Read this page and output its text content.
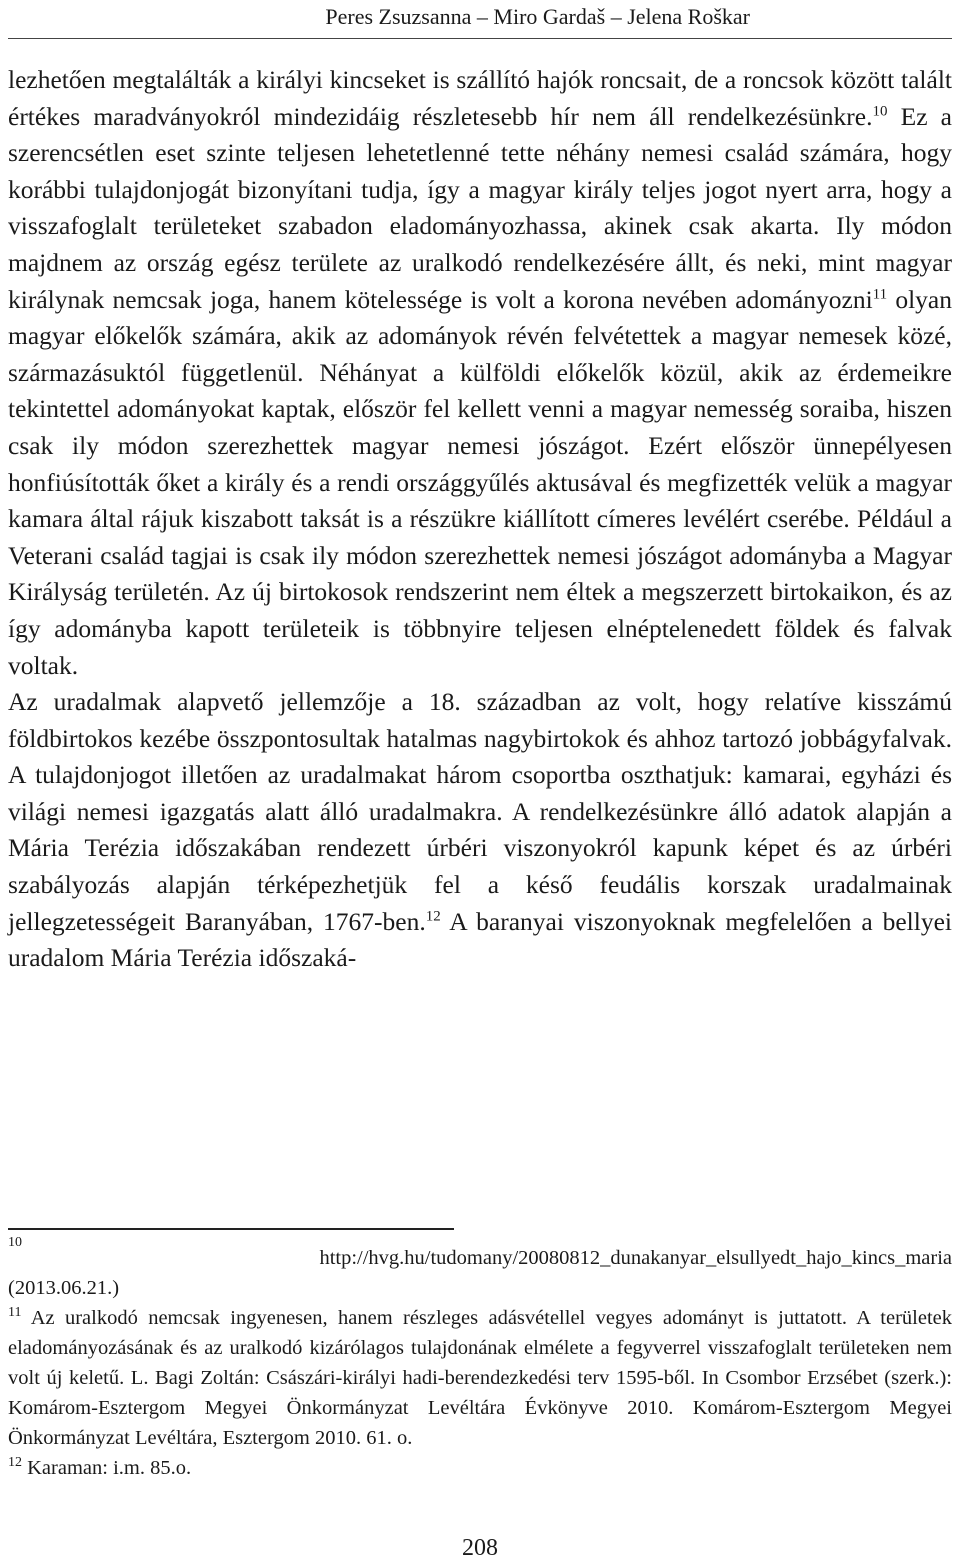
Peres Zsuzsanna – Miro Gardaš – Jelena Roškar

lezhetően megtalálták a királyi kincseket is szállító hajók roncsait, de a roncsok között talált értékes maradványokról mindezidáig részletesebb hír nem áll rendelkezésünkre.$^{10}$ Ez a szerencsétlen eset szinte teljesen lehetetlenné tette néhány nemesi család számára, hogy korábbi tulajdonjogát bizonyítani tudja, így a magyar király teljes jogot nyert arra, hogy a visszafoglalt területeket szabadon eladományozhassa, akinek csak akarta. Ily módon majdnem az ország egész területe az uralkodó rendelkezésére állt, és neki, mint magyar királynak nemcsak joga, hanem kötelessége is volt a korona nevében adományozni$^{11}$ olyan magyar előkelők számára, akik az adományok révén felvétettek a magyar nemesek közé, származásuktól függetlenül. Néhányat a külföldi előkelők közül, akik az érdemeikre tekintettel adományokat kaptak, először fel kellett venni a magyar nemesség soraiba, hiszen csak ily módon szerezhettek magyar nemesi jószágot. Ezért először ünnepélyesen honfiúsították őket a király és a rendi országgyűlés aktusával és megfizették velük a magyar kamara által rájuk kiszabott taksát is a részükre kiállított címeres levélért cserébe. Például a Veterani család tagjai is csak ily módon szerezhettek nemesi jószágot adományba a Magyar Királyság területén. Az új birtokosok rendszerint nem éltek a megszerzett birtokaikon, és az így adományba kapott területeik is többnyire teljesen elnéptelenedett földek és falvak voltak.

Az uradalmak alapvető jellemzője a 18. században az volt, hogy relatíve kisszámú földbirtokos kezébe összpontosultak hatalmas nagybirtokok és ahhoz tartozó jobbágyfalvak. A tulajdonjogot illetően az uradalmakat három csoportba oszthatjuk: kamarai, egyházi és világi nemesi igazgatás alatt álló uradalmakra. A rendelkezésünkre álló adatok alapján a Mária Terézia időszakában rendezett úrbéri viszonyokról kapunk képet és az úrbéri szabályozás alapján térképezhetjük fel a késő feudális korszak uradalmainak jellegzetességeit Baranyában, 1767-ben.$^{12}$ A baranyai viszonyoknak megfelelően a bellyei uradalom Mária Terézia időszaká-

10
http://hvg.hu/tudomany/20080812_dunakanyar_elsullyedt_hajo_kincs_maria
(2013.06.21.)

$^{11}$ Az uralkodó nemcsak ingyenesen, hanem részleges adásvétellel vegyes adományt is juttatott. A területek eladományozásának és az uralkodó kizárólagos tulajdonának elmélete a fegyverrel visszafoglalt területeken nem volt új keletű. L. Bagi Zoltán: Császári-királyi hadi-berendezkedési terv 1595-ből. In Csombor Erzsébet (szerk.): Komárom-Esztergom Megyei Önkormányzat Levéltára Évkönyve 2010. Komárom-Esztergom Megyei Önkormányzat Levéltára, Esztergom 2010. 61. o.

$^{12}$ Karaman: i.m. 85.o.

208
